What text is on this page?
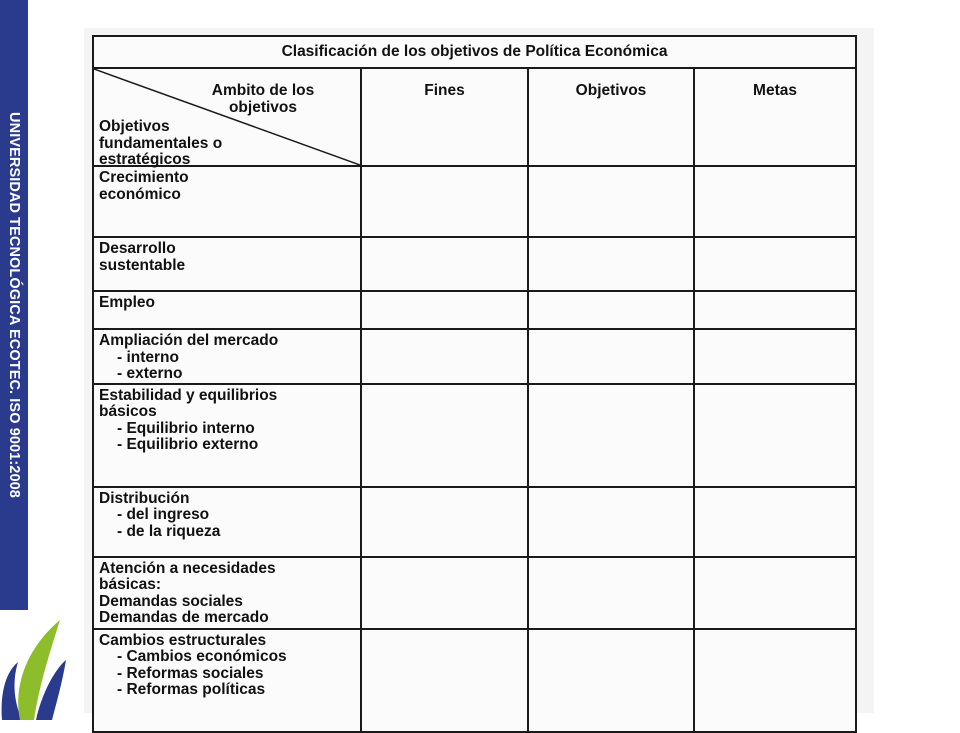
UNIVERSIDAD TECNOLÓGICA ECOTEC. ISO 9001:2008
Clasificación de los objetivos de Política Económica			

Ambito de los objetivos
Objetivos
fundamentales o
estratégicos	Fines	Objetivos	Metas

Crecimiento
económico			

Desarrollo
sustentable			

Empleo			

Ampliación del mercado
- interno
- externo			

Estabilidad y equilibrios
básicos
- Equilibrio interno
- Equilibrio externo			

Distribución
- del ingreso
- de la riqueza			

Atención a necesidades
básicas:
Demandas sociales
Demandas de mercado			

Cambios estructurales
- Cambios económicos
- Reformas sociales
- Reformas políticas			
